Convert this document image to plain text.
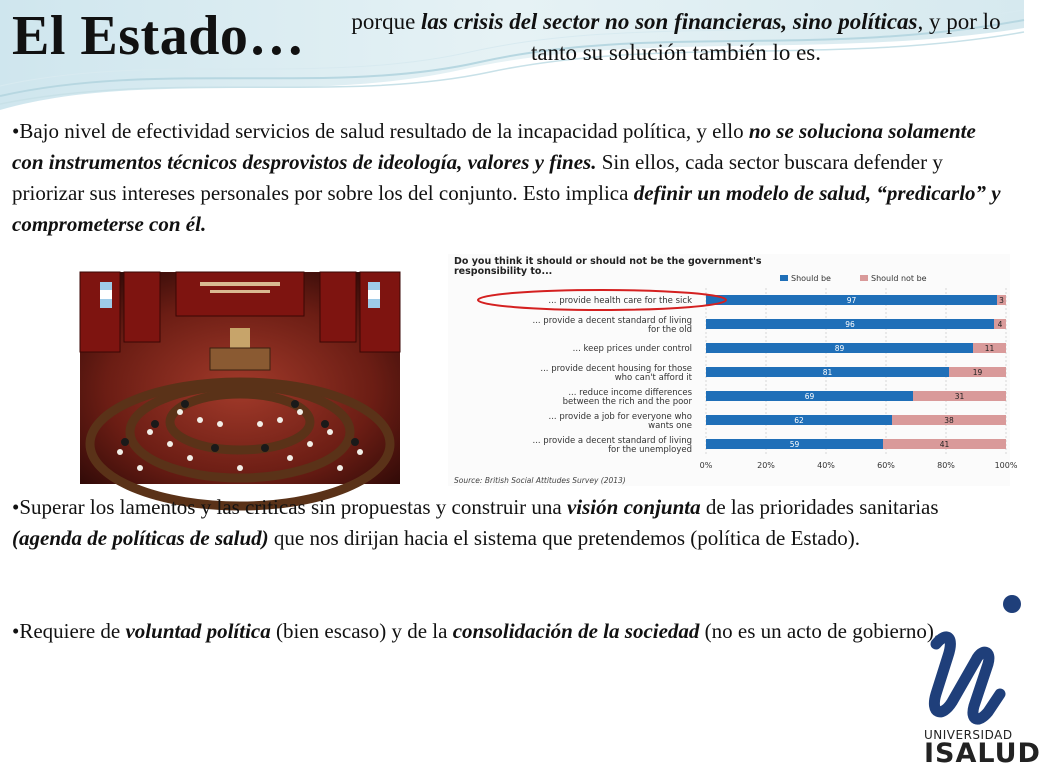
El Estado…	porque las crisis del sector no son financieras, sino políticas, y por lo tanto su solución también lo es.
•Bajo nivel de efectividad servicios de salud resultado de la incapacidad política, y ello no se soluciona solamente con instrumentos técnicos desprovistos de ideología, valores y fines. Sin ellos, cada sector buscara defender y priorizar sus intereses personales por sobre los del conjunto. Esto implica definir un modelo de salud, “predicarlo” y comprometerse con él.
Do you think it should or should not be the government's
responsibility to...
Should be	Should not be
0%	20%	40%	60%	80%	100%
... provide health care for the sick	97	3
... provide a decent standard of living
for the old
96	4
... keep prices under control	89	11
... provide decent housing for those
who can't afford it
81	19
... reduce income differences
between the rich and the poor
69	31
... provide a job for everyone who
wants one
62	38
... provide a decent standard of living
for the unemployed
59	41
Source: British Social Attitudes Survey (2013)
•Superar los lamentos y las criticas sin propuestas y construir una visión conjunta de las prioridades sanitarias (agenda de políticas de salud) que nos dirijan hacia el sistema que pretendemos (política de Estado).
•Requiere de voluntad política (bien escaso) y de la consolidación de la sociedad (no es un acto de gobierno).
UNIVERSIDAD
ISALUD
